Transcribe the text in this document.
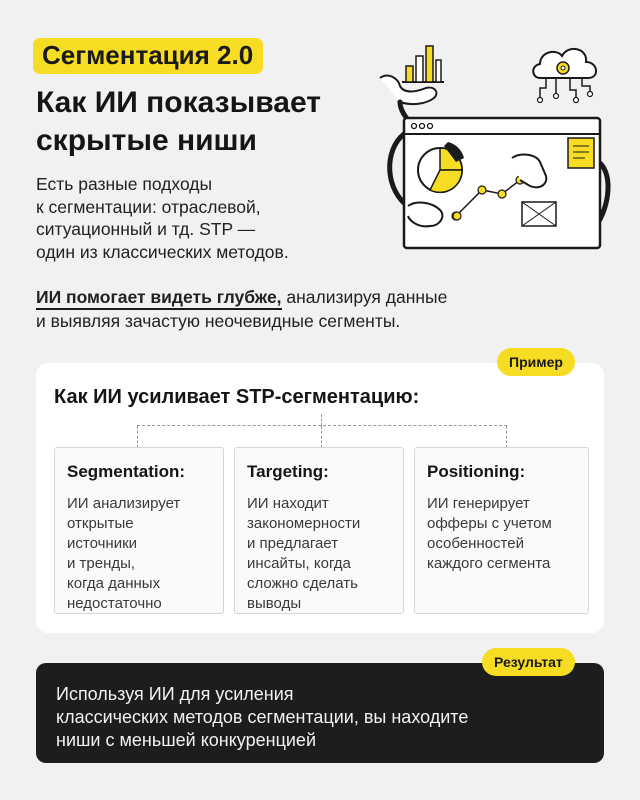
Сегментация 2.0
Как ИИ показывает
скрытые ниши
Есть разные подходы
к сегментации: отраслевой,
ситуационный и тд. STP —
один из классических методов.
ИИ помогает видеть глубже, анализируя данные
и выявляя зачастую неочевидные сегменты.
Пример
Как ИИ усиливает STP-сегментацию:
Segmentation:

ИИ анализирует
открытые
источники
и тренды,
когда данных
недостаточно

Targeting:

ИИ находит
закономерности
и предлагает
инсайты, когда
сложно сделать
выводы

Positioning:

ИИ генерирует
офферы с учетом
особенностей
каждого сегмента

Результат
Используя ИИ для усиления
классических методов сегментации, вы находите
ниши с меньшей конкуренцией
